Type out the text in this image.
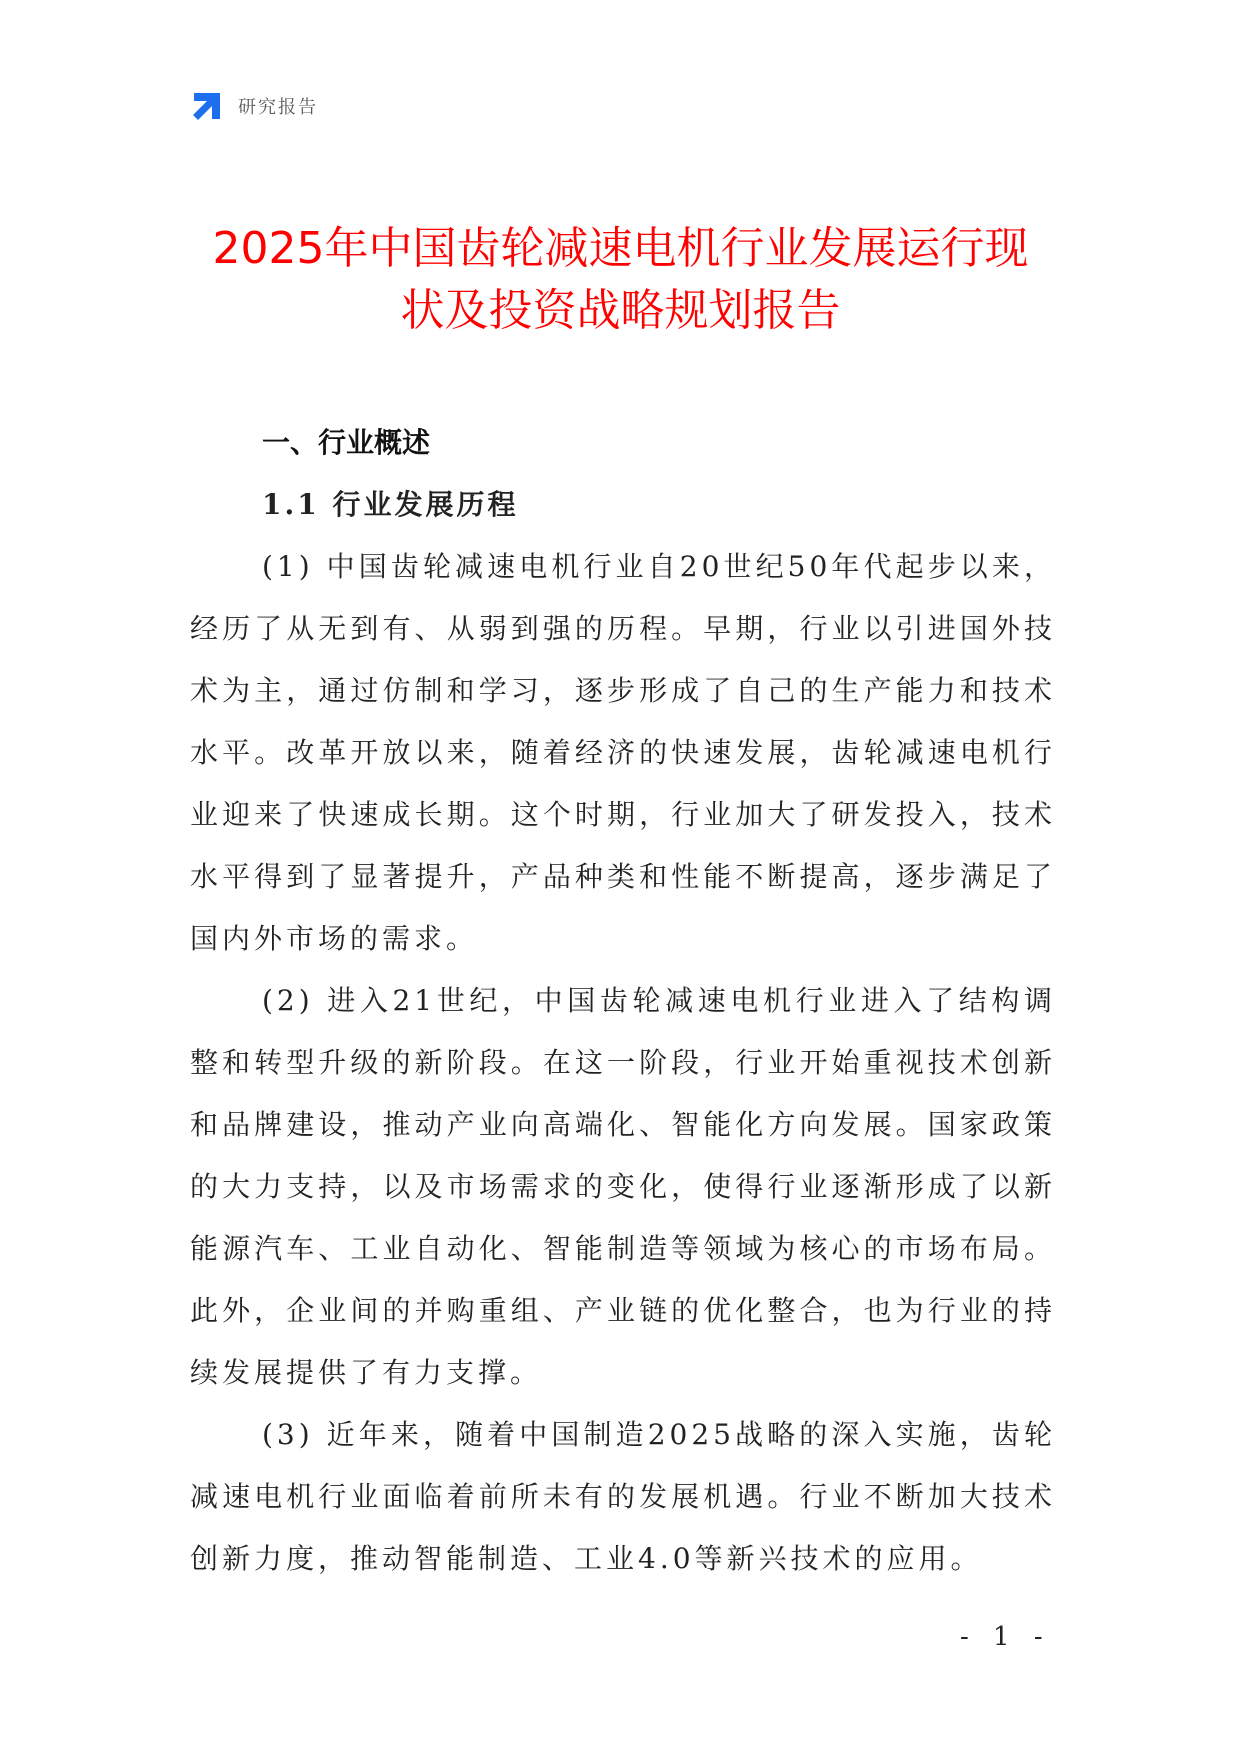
研究报告
2025年中国齿轮减速电机行业发展运行现
状及投资战略规划报告
一、行业概述
1.1 行业发展历程

(1) 中国齿轮减速电机行业自20世纪50年代起步以来，经历了从无到有、从弱到强的历程。早期，行业以引进国外技术为主，通过仿制和学习，逐步形成了自己的生产能力和技术水平。改革开放以来，随着经济的快速发展，齿轮减速电机行业迎来了快速成长期。这个时期，行业加大了研发投入，技术水平得到了显著提升，产品种类和性能不断提高，逐步满足了国内外市场的需求。

(2) 进入21世纪，中国齿轮减速电机行业进入了结构调整和转型升级的新阶段。在这一阶段，行业开始重视技术创新和品牌建设，推动产业向高端化、智能化方向发展。国家政策的大力支持，以及市场需求的变化，使得行业逐渐形成了以新能源汽车、工业自动化、智能制造等领域为核心的市场布局。此外，企业间的并购重组、产业链的优化整合，也为行业的持续发展提供了有力支撑。

(3) 近年来，随着中国制造2025战略的深入实施，齿轮减速电机行业面临着前所未有的发展机遇。行业不断加大技术创新力度，推动智能制造、工业4.0等新兴技术的应用。

- 1 -
